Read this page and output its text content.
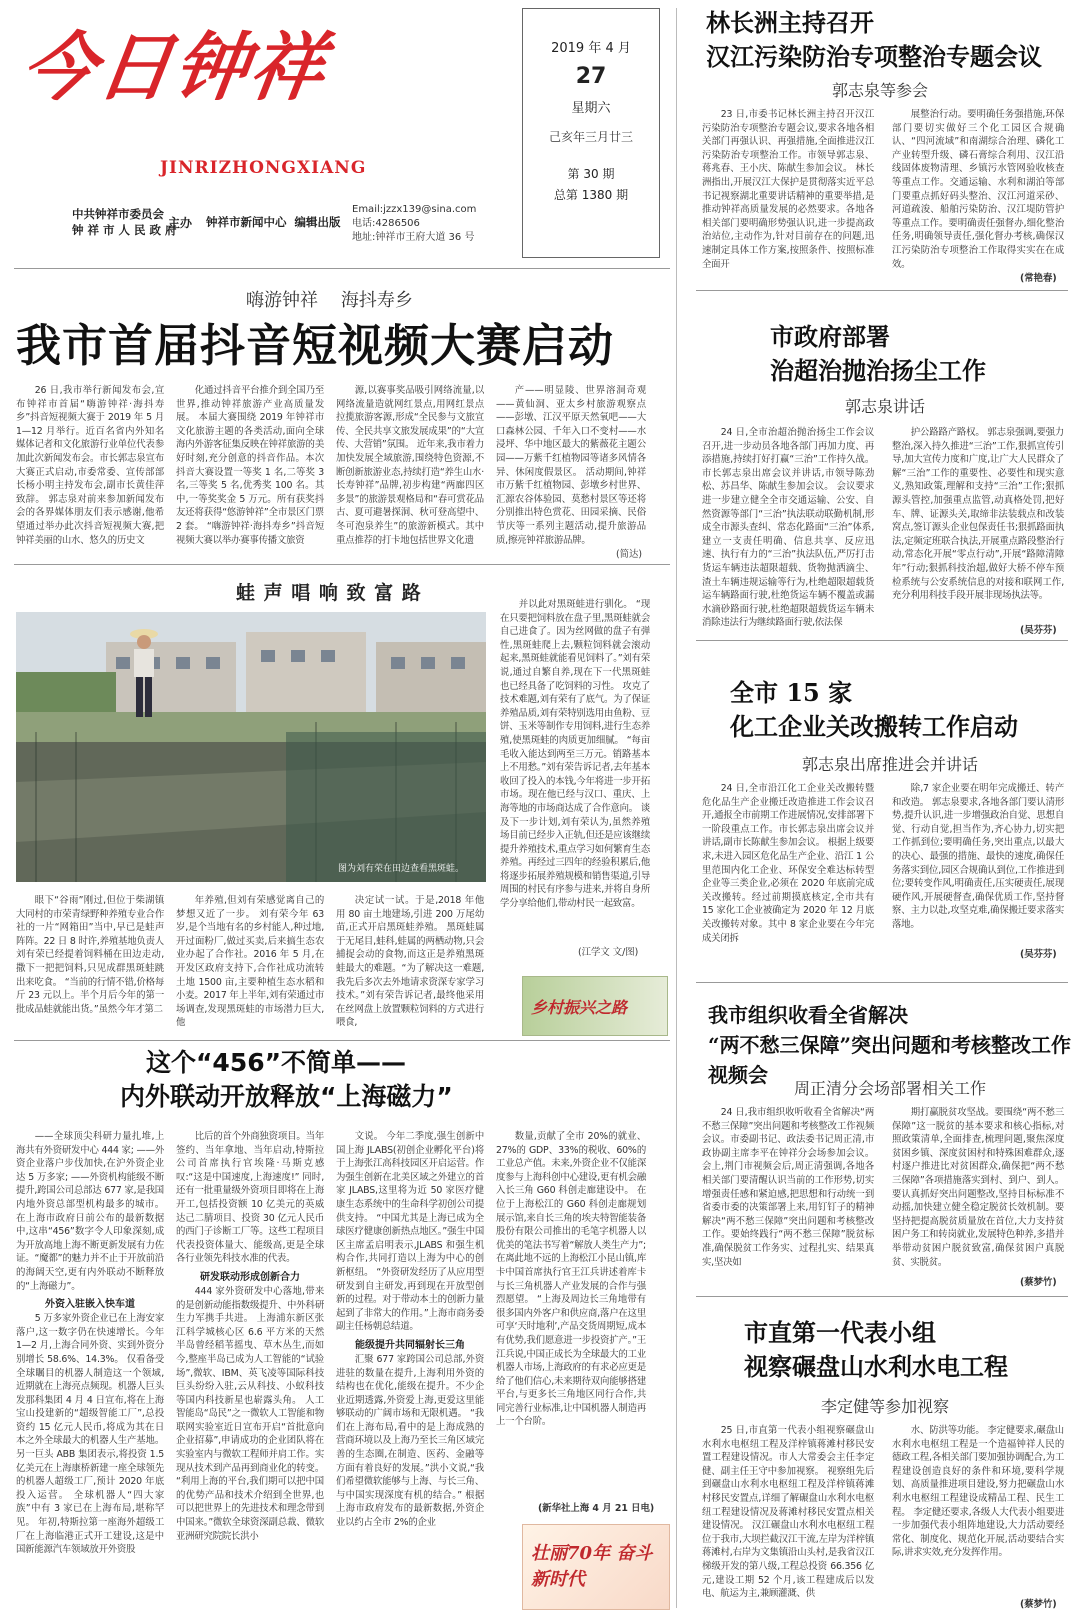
今日钟祥
JINRIZHONGXIANG
中共钟祥市委员会
钟 祥 市 人 民 政 府
主办 钟祥市新闻中心  编辑出版
Email:jzzx139@sina.com
电话:4286506
地址:钟祥市王府大道 36 号
2019 年 4 月
27
星期六
己亥年三月廿三
第 30 期
总第 1380 期
嗨游钟祥    海抖寿乡
我市首届抖音短视频大赛启动
26 日,我市举行新闻发布会,宣布钟祥市首届“嗨游钟祥·海抖寿乡”抖音短视频大赛于 2019 年 5 月 1—12 月举行。近百名省内外知名媒体记者和文化旅游行业单位代表参加此次新闻发布会。市长郭志泉宣布大赛正式启动,市委常委、宣传部部长杨小明主持发布会,副市长黄佳萍致辞。 郭志泉对前来参加新闻发布会的各界媒体朋友们表示感谢,他希望通过举办此次抖音短视频大赛,把钟祥美丽的山水、悠久的历史文
化通过抖音平台推介到全国乃至世界,推动钟祥旅游产业高质量发展。 本届大赛围绕 2019 年钟祥市文化旅游主题的各类活动,面向全球海内外游客征集反映在钟祥旅游的美好时刻,充分创意的抖音作品。本次抖音大赛设置一等奖 1 名,二等奖 3 名,三等奖 5 名,优秀奖 100 名。其中,一等奖奖金 5 万元。所有获奖抖友还将获得“悠游钟祥”全市景区门票 2 套。 “嗨游钟祥·海抖寿乡”抖音短视频大赛以举办赛事传播文旅资
源,以赛事奖品吸引网络流量,以网络流量造就网红景点,用网红景点拉揽旅游客源,形成“全民参与文旅宣传、全民共享文旅发展成果”的“大宣传、大营销”氛围。 近年来,我市着力加快发展全域旅游,围绕特色资源,不断创新旅游业态,持续打造“养生山水·长寿钟祥”品牌,初步构建“两廊四区多景”的旅游景观格局和“春可赏花品古、夏可避暑探洞、秋可登高望中、冬可泡泉养生”的旅游新模式。其中重点推荐的打卡地包括世界文化遗
产——明显陵、世界溶洞奇观——黄仙洞、亚太乡村旅游观察点——彭墩、江汉平原天然氧吧——大口森林公园、千年入口不变村——水浸坪、华中地区最大的紫薇花主题公园——万紫千红植物园等诸多风情各异、休闲度假景区。 活动期间,钟祥市万紫千红植物园、彭墩乡村世界、汇源农谷体验园、莫愁村景区等还将分别推出特色赏花、田园采摘、民俗节庆等一系列主题活动,提升旅游品质,擦亮钟祥旅游品牌。
(简达)
蛙 声 唱 响 致 富 路
图为刘有荣在田边查看黑斑蛙。
并以此对黑斑蛙进行驯化。 “现在只要把饲料放在盘子里,黑斑蛙就会自己进食了。因为丝网做的盘子有弹性,黑斑蛙爬上去,颗粒饲料就会滚动起来,黑斑蛙就能看见饲料了。”刘有荣说,通过自繁自养,现在下一代黑斑蛙也已经具备了吃饲料的习性。 攻克了技术难题,刘有荣有了底气。为了保证养殖品质,刘有荣特别选用由鱼粉、豆饼、玉米等制作专用饲料,进行生态养殖,使黑斑蛙的肉质更加细腻。 “每亩毛收入能达到两至三万元。销路基本上不用愁。”刘有荣告诉记者,去年基本收回了投入的本钱,今年将进一步开拓市场。现在他已经与汉口、重庆、上海等地的市场商达成了合作意向。 谈及下一步计划,刘有荣认为,虽然养殖场目前已经步入正轨,但还是应该继续提升养殖技术,重点学习如何繁育生态养殖。再经过三四年的经验积累后,他将逐步拓展养殖规模和销售渠道,引导周围的村民有序参与进来,并将自身所学分享给他们,带动村民一起致富。
(江学文 文/图)
眼下“谷雨”刚过,但位于柴湖镇大同村的市荣青绿野种养殖专业合作社的一片“网箱田”当中,早已是蛙声阵阵。22 日 8 时许,养殖基地负责人刘有荣已经提着饲料桶在田边走动,撒下一把把饲料,只见成群黑斑蛙跳出来吃食。 “当前的行情不错,价格每斤 23 元以上。半个月后今年的第一批成品蛙就能出货。”虽然今年才第二
年养殖,但刘有荣感觉离自己的梦想又近了一步。 刘有荣今年 63 岁,是个当地有名的乡村能人,种过地,开过面粉厂,做过买卖,后来搞生态农业办起了合作社。2016 年 5 月,在开发区政府支持下,合作社成功流转土地 1500 亩,主要种植生态水稻和小麦。2017 年上半年,刘有荣通过市场调查,发现黑斑蛙的市场潜力巨大,他
决定试一试。于是,2018 年他用 80 亩土地建场,引进 200 万尾幼苗,正式开启黑斑蛙养殖。 黑斑蛙属于无尾目,蛙科,蛙属的两栖动物,只会捕捉会动的食物,而这正是养殖黑斑蛙最大的难题。“为了解决这一难题,我先后多次去外地请求资深专家学习技术。”刘有荣告诉记者,最终他采用在丝网盘上放置颗粒饲料的方式进行喂食,
乡村振兴之路
这个“456”不简单——
内外联动开放释放“上海磁力”
——全球顶尖科研力量扎堆,上海共有外资研发中心 444 家; ——外资企业落户步伐加快,在沪外资企业达 5 万多家; ——外资机构能级不断提升,跨国公司总部达 677 家,是我国内地外资总部型机构最多的城市。 在上海市政府日前公布的最新数据中,这串“456”数字令人印象深刻,成为开放高地上海不断更新发展有力佐证。“魔都”的魅力并不止于开放前沿的海阔天空,更有内外联动不断释放的“上海磁力”。
外资入驻嵌入快车道
5 万多家外资企业已在上海安家落户,这一数字仍在快速增长。今年 1—2 月,上海合同外资、实到外资分别增长 58.6%、14.3%。 仅看备受全球瞩目的机器人制造这一个领域,近期就在上海亮点频现。机器人巨头发那科集团 4 月 4 日宣布,将在上海宝山投建新的“超级智能工厂”,总投资约 15 亿元人民币,将成为其在日本之外全球最大的机器人生产基地。另一巨头 ABB 集团表示,将投资 1.5 亿美元在上海康桥新建一座全球领先的机器人超级工厂,预计 2020 年底投入运营。 全球机器人“四大家族”中有 3 家已在上海布局,堪称罕见。 年初,特斯拉第一座海外超级工厂在上海临港正式开工建设,这是中国新能源汽车领域放开外资股
比后的首个外商独资项目。当年签约、当年拿地、当年启动,特斯拉公司首席执行官埃隆·马斯克感叹:“这是中国速度,上海速度!” 同时,还有一批重量级外资项目即将在上海开工,包括投资额 10 亿美元的英威达己二腈项目、投资 30 亿元人民币的西门子诊断工厂等。这些工程项目代表投资体量大、能级高,更是全球各行业领先科技水准的代表。
研发联动形成创新合力
444 家外资研发中心落地,带来的是创新动能指数级提升、中外科研生力军携手共进。 上海浦东新区张江科学城核心区 6.6 平方米的天然半岛曾经稻苇摇曳、草木丛生,而如今,整座半岛已成为人工智能的“试验场”,微软、IBM、英飞凌等国际科技巨头纷纷入驻,云从科技、小蚁科技等国内科技新星也崭露头角。 人工智能岛“岛民”之一微软人工智能和物联网实验室近日宣布开启“首批意向企业招募”,申请成功的企业团队将在实验室内与微软工程师并肩工作。实现从技术到产品再到商业化的转变。 “利用上海的平台,我们期可以把中国的优势产品和技术介绍到全世界,也可以把世界上的先进技术和理念带到中国来。”微软全球资深副总裁、微软亚洲研究院院长洪小
文说。 今年二季度,强生创新中国上海 JLABS(初创企业孵化平台)将于上海张江高科技园区开启运营。作为强生创新在北美区域之外建立的首家 JLABS,这里将为近 50 家医疗健康生态系统中的生命科学初创公司提供支持。 “中国尤其是上海已成为全球医疗健康创新热点地区。”强生中国区主席孟启明表示,JLABS 和强生机构合作,共同打造以上海为中心的创新枢纽。 “外资研发经历了从应用型研发到自主研发,再到现在开放型创新的过程。对于带动本土的创新力量起到了非常大的作用。”上海市商务委副主任杨朝总结道。
能级提升共同辐射长三角
汇聚 677 家跨国公司总部,外资进驻的数量在提升,上海利用外资的结构也在优化,能级在提升。不少企业近期透露,外资爱上海,更爱这里能够联动的广阔市场和无限机遇。 “我们在上海布局,看中的是上海成熟的营商环境以及上海乃至长三角区域完善的生态圈,在制造、医药、金融等方面有着良好的发展。”洪小文说,“我们希望微软能够与上海、与长三角、与中国实现深度有机的结合。” 根据上海市政府发布的最新数据,外资企业以约占全市 2%的企业
数量,贡献了全市 20%的就业、27%的 GDP、33%的税收、60%的工业总产值。未来,外资企业不仅能深度参与上海科创中心建设,更有机会融入长三角 G60 科创走廊建设中。 在位于上海松江的 G60 科创走廊规划展示馆,来自长三角的埃夫特智能装备股份有限公司推出的毛笔字机器人以优美的笔法书写着“解放人类生产力”;在离此地不远的上海松江小昆山镇,库卡中国首席执行官王江兵讲述着库卡与长三角机器人产业发展的合作与强烈愿望。 “上海及周边长三角地带有很多国内外客户和供应商,落户在这里可享‘天时地利’,产品交货周期短,成本有优势,我们愿意进一步投资扩产。”王江兵说,中国正成长为全球最大的工业机器人市场,上海政府的有求必应更是给了他们信心,未来期待双向能够搭建平台,与更多长三角地区同行合作,共同完善行业标准,让中国机器人制造再上一个台阶。
(新华社上海 4 月 21 日电)
壮丽70年 奋斗新时代
林长洲主持召开
汉江污染防治专项整治专题会议
郭志泉等参会
23 日,市委书记林长洲主持召开汉江污染防治专项整治专题会议,要求各地各相关部门再强认识、再强措施,全面推进汉江污染防治专项整治工作。市领导郭志泉、蒋兆春、王小庆、陈献生参加会议。 林长洲指出,开展汉江大保护是贯彻落实近平总书记视察湖北重要讲话精神的重要举措,是推动钟祥高质量发展的必然要求。各地各相关部门要明确形势强认识,进一步提高政治站位,主动作为,针对目前存在的问题,迅速制定具体工作方案,按照条件、按照标准全面开
展整治行动。要明确任务强措施,环保部门要切实做好三个化工园区合规确认、“四河流域”和南湖综合治理、磷化工产业转型升级、磷石膏综合利用、汉江沿线固体废物清理、乡镇污水管网验收核查等重点工作。交通运输、水利和湖泊等部门要重点抓好码头整治、汉江河道采砂、河道疏浚、船舶污染防治、汉江堤防管护等重点工作。要明确责任强督办,细化整治任务,明确领导责任,强化督办考核,确保汉江污染防治专项整治工作取得实实在在成效。
(常艳春)
市政府部署
治超治抛治扬尘工作
郭志泉讲话
24 日,全市治超治抛治扬尘工作会议召开,进一步动员各地各部门再加力度、再添措施,持续打好打赢“三治”工作持久战。市长郭志泉出席会议并讲话,市领导陈劲松、苏昌华、陈献生参加会议。 会议要求进一步建立健全全市交通运输、公安、自然资源等部门“三治”执法联动联勤机制,形成全市源头查纠、常态化路面“三治”体系,建立一支责任明确、信息共享、反应迅速、执行有力的“三治”执法队伍,严厉打击货运车辆违法超限超载、货物抛洒滴尘、渣土车辆违规运输等行为,杜绝超限超载货运车辆路面行驶,杜绝货运车辆不覆盖或漏水滴砂路面行驶,杜绝超限超载货运车辆未消除违法行为继续路面行驶,依法保
护公路路产路权。 郭志泉强调,要强力整治,深入持久推进“三治”工作,狠抓宣传引导,加大宣传力度和广度,让广大人民群众了解“三治”工作的重要性、必要性和现实意义,熟知政策,理解和支持“三治”工作;狠抓源头管控,加强重点监管,动真格处罚,把好车、牌、证源头关,取缔非法装载点和改装窝点,签订源头企业包保责任书;狠抓路面执法,定频定班联合执法,开展重点路段整治行动,常态化开展“零点行动”,开展“路障清障年”行动;狠抓科技治超,做好大桥不停车预检系统与公安系统信息的对接和联网工作,充分利用科技手段开展非现场执法等。
(吴芬芬)
全市 15 家
化工企业关改搬转工作启动
郭志泉出席推进会并讲话
24 日,全市沿江化工企业关改搬转暨危化品生产企业搬迁改造推进工作会议召开,通报全市前期工作进展情况,安排部署下一阶段重点工作。市长郭志泉出席会议并讲话,副市长陈献生参加会议。 根据上级要求,未进入园区危化品生产企业、沿江 1 公里范围内化工企业、环保安全难达标转型企业等三类企业,必须在 2020 年底前完成关改搬转。经过前期摸底核定,全市共有 15 家化工企业被确定为 2020 年 12 月底关改搬转对象。其中 8 家企业要在今年完成关闭拆
除,7 家企业要在明年完成搬迁、转产和改造。 郭志泉要求,各地各部门要认清形势,提升认识,进一步增强政治自觉、思想自觉、行动自觉,担当作为,齐心协力,切实把工作抓到位;要明确任务,突出重点,以最大的决心、最强的措施、最快的速度,确保任务落实到位,园区合规确认到位,工作推进到位;要转变作风,明确责任,压实硬责任,展现硬作风,开展硬督查,确保优质工作,坚持督察、主力以赴,攻坚克难,确保搬迁要求落实落地。
(吴芬芬)
我市组织收看全省解决
“两不愁三保障”突出问题和考核整改工作视频会
周正清分会场部署相关工作
24 日,我市组织收听收看全省解决“两不愁三保障”突出问题和考核整改工作视频会议。市委副书记、政法委书记周正清,市政协副主席李平在钟祥分会场参加会议。 会上,荆门市视频会后,周正清强调,各地各相关部门要清醒认识当前的工作形势,切实增强责任感和紧迫感,把思想和行动统一到省委市委的决策部署上来,用钉钉子的精神解决“两不愁三保障”突出问题和考核整改工作。要始终践行“两不愁三保障”脱贫标准,确保脱贫工作务实、过程扎实、结果真实,坚决如
期打赢脱贫攻坚战。要围绕“两不愁三保障”这一脱贫的基本要求和核心指标,对照政策清单,全面排查,梳理问题,聚焦深度贫困乡镇、深度贫困村和特殊困难群众,逐村逐户推进比对贫困群众,确保把“两不愁三保障”各项措施落实到村、到户、到人。要认真抓好突出问题整改,坚持目标标准不动摇,加快建立健全稳定脱贫长效机制。要坚持把提高脱贫质量放在首位,大力支持贫困户务工和转岗就业,发展特色种养,多措并举带动贫困户脱贫致富,确保贫困户真脱贫、实脱贫。
(蔡梦竹)
市直第一代表小组
视察碾盘山水利水电工程
李定健等参加视察
25 日,市直第一代表小组视察碾盘山水利水电枢纽工程及洋梓镇蒋滩村移民安置工程建设情况。市人大常委会主任李定健、副主任王守中参加视察。 视察组先后到碾盘山水利水电枢纽工程及洋梓镇蒋滩村移民安置点,详细了解碾盘山水利水电枢纽工程建设情况及蒋滩村移民安置点相关建设情况。 汉江碾盘山水利水电枢纽工程位于我市,大坝拦截汉江干流,左岸为洋梓镇蒋滩村,右岸为文集镇沿山头村,是我省汉江梯级开发的第八级,工程总投资 66.356 亿元,建设工期 52 个月,该工程建成后以发电、航运为主,兼顾灌溉、供
水、防洪等功能。 李定健要求,碾盘山水利水电枢纽工程是一个造福钟祥人民的德政工程,各相关部门要加强协调配合,为工程建设创造良好的条件和环境,要科学规划、高质量推进项目建设,努力把碾盘山水利水电枢纽工程建设成精品工程、民生工程。 李定健还要求,各级人大代表小组要进一步加强代表小组阵地建设,大力活动要经常化、制度化、规范化开展,活动要结合实际,讲求实效,充分发挥作用。
(蔡梦竹)
